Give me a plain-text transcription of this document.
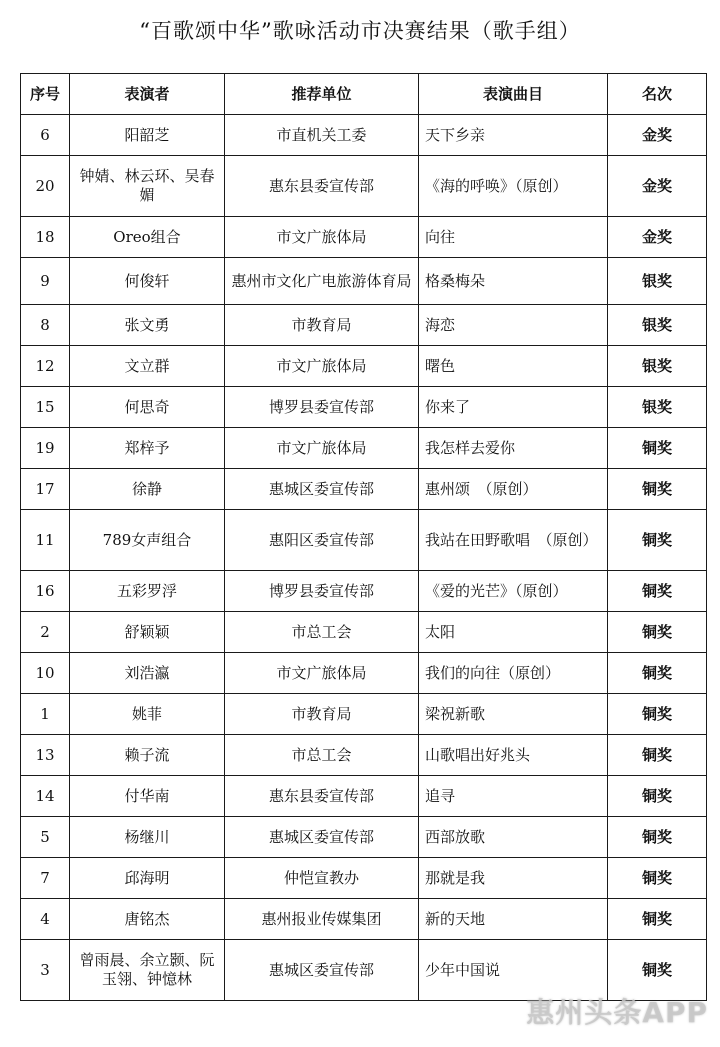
“百歌颂中华”歌咏活动市决赛结果（歌手组）
序号	表演者	推荐单位	表演曲目	名次
6	阳韶芝	市直机关工委	天下乡亲	金奖
20	钟婧、林云环、吴春媚	惠东县委宣传部	《海的呼唤》（原创）	金奖
18	Oreo组合	市文广旅体局	向往	金奖
9	何俊轩	惠州市文化广电旅游体育局	格桑梅朵	银奖
8	张文勇	市教育局	海恋	银奖
12	文立群	市文广旅体局	曙色	银奖
15	何思奇	博罗县委宣传部	你来了	银奖
19	郑梓予	市文广旅体局	我怎样去爱你	铜奖
17	徐静	惠城区委宣传部	惠州颂　（原创）	铜奖
11	789女声组合	惠阳区委宣传部	我站在田野歌唱　（原创）	铜奖
16	五彩罗浮	博罗县委宣传部	《爱的光芒》（原创）	铜奖
2	舒颖颖	市总工会	太阳	铜奖
10	刘浩瀛	市文广旅体局	我们的向往（原创）	铜奖
1	姚菲	市教育局	梁祝新歌	铜奖
13	赖子流	市总工会	山歌唱出好兆头	铜奖
14	付华南	惠东县委宣传部	追寻	铜奖
5	杨继川	惠城区委宣传部	西部放歌	铜奖
7	邱海明	仲恺宣教办	那就是我	铜奖
4	唐铭杰	惠州报业传媒集团	新的天地	铜奖
3	曾雨晨、余立颢、阮玉翎、钟憶林	惠城区委宣传部	少年中国说	铜奖
惠州头条APP
